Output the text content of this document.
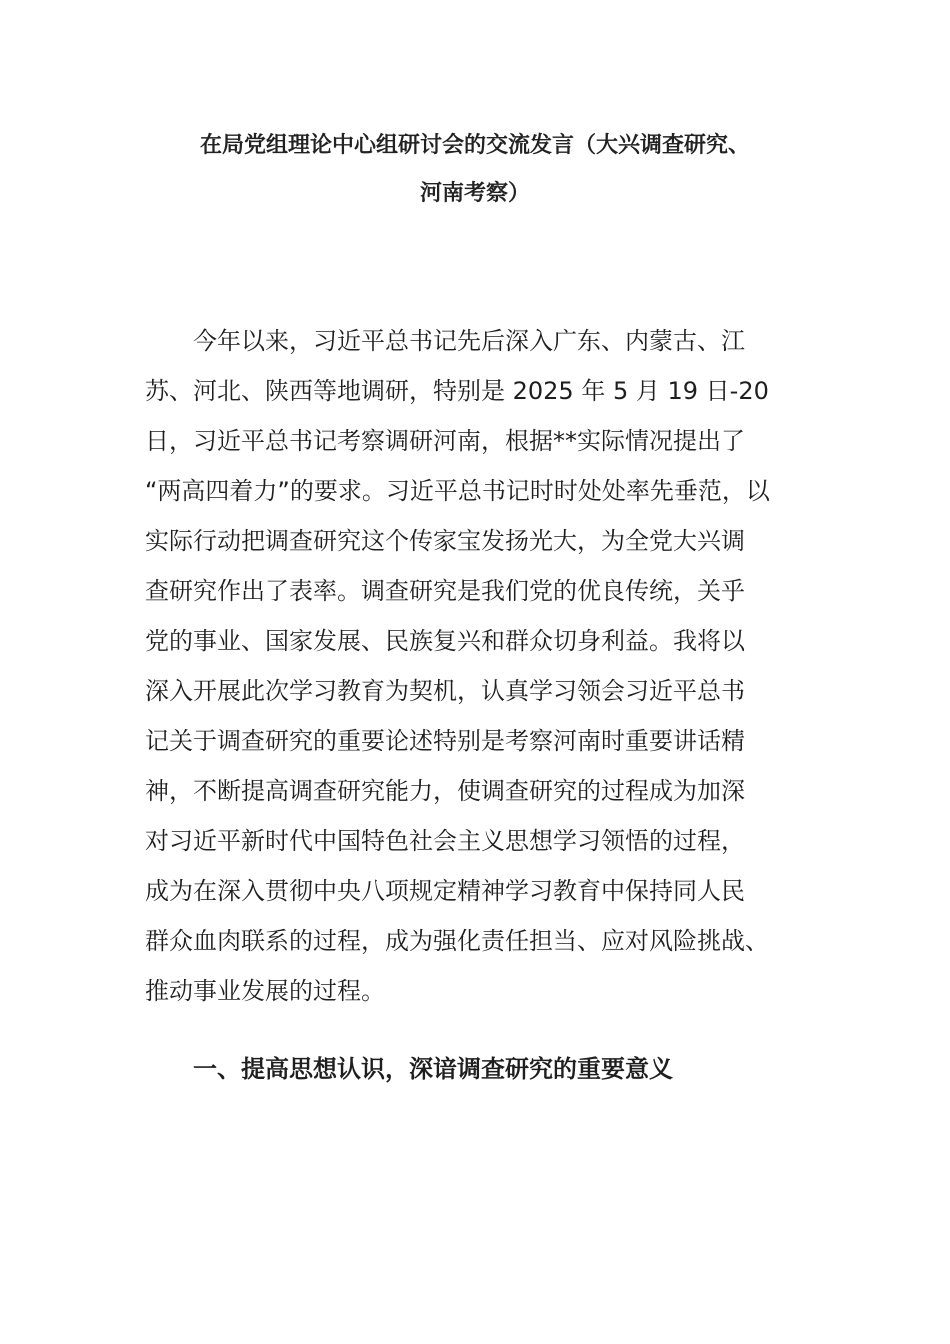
在局党组理论中心组研讨会的交流发言（大兴调查研究、
河南考察）

今年以来，习近平总书记先后深入广东、内蒙古、江
苏、河北、陕西等地调研，特别是 2025 年 5 月 19 日-20
日，习近平总书记考察调研河南，根据**实际情况提出了
“两高四着力”的要求。习近平总书记时时处处率先垂范，以
实际行动把调查研究这个传家宝发扬光大，为全党大兴调
查研究作出了表率。调查研究是我们党的优良传统，关乎
党的事业、国家发展、民族复兴和群众切身利益。我将以
深入开展此次学习教育为契机，认真学习领会习近平总书
记关于调查研究的重要论述特别是考察河南时重要讲话精
神，不断提高调查研究能力，使调查研究的过程成为加深
对习近平新时代中国特色社会主义思想学习领悟的过程，
成为在深入贯彻中央八项规定精神学习教育中保持同人民
群众血肉联系的过程，成为强化责任担当、应对风险挑战、
推动事业发展的过程。

一、提高思想认识，深谙调查研究的重要意义
